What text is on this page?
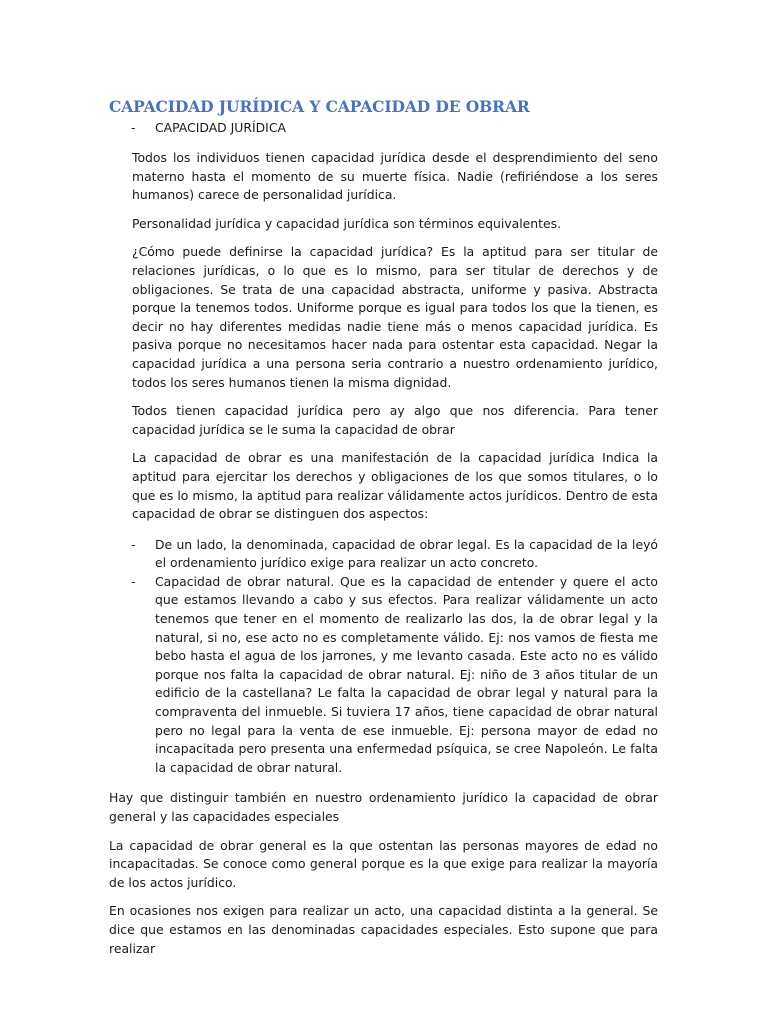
CAPACIDAD JURÍDICA Y CAPACIDAD DE OBRAR
- CAPACIDAD JURÍDICA

Todos los individuos tienen capacidad jurídica desde el desprendimiento del seno materno hasta el momento de su muerte física. Nadie (refiriéndose a los seres humanos) carece de personalidad jurídica.

Personalidad jurídica y capacidad jurídica son términos equivalentes.

¿Cómo puede definirse la capacidad jurídica? Es la aptitud para ser titular de relaciones jurídicas, o lo que es lo mismo, para ser titular de derechos y de obligaciones. Se trata de una capacidad abstracta, uniforme y pasiva. Abstracta porque la tenemos todos. Uniforme porque es igual para todos los que la tienen, es decir no hay diferentes medidas nadie tiene más o menos capacidad jurídica. Es pasiva porque no necesitamos hacer nada para ostentar esta capacidad. Negar la capacidad jurídica a una persona seria contrario a nuestro ordenamiento jurídico, todos los seres humanos tienen la misma dignidad.

Todos tienen capacidad jurídica pero ay algo que nos diferencia. Para tener capacidad jurídica se le suma la capacidad de obrar

La capacidad de obrar es una manifestación de la capacidad jurídica Indica la aptitud para ejercitar los derechos y obligaciones de los que somos titulares, o lo que es lo mismo, la aptitud para realizar válidamente actos jurídicos. Dentro de esta capacidad de obrar se distinguen dos aspectos:

- De un lado, la denominada, capacidad de obrar legal. Es la capacidad de la leyó el ordenamiento jurídico exige para realizar un acto concreto.
- Capacidad de obrar natural. Que es la capacidad de entender y quere el acto que estamos llevando a cabo y sus efectos. Para realizar válidamente un acto tenemos que tener en el momento de realizarlo las dos, la de obrar legal y la natural, si no, ese acto no es completamente válido. Ej: nos vamos de fiesta me bebo hasta el agua de los jarrones, y me levanto casada. Este acto no es válido porque nos falta la capacidad de obrar natural. Ej: niño de 3 años titular de un edificio de la castellana? Le falta la capacidad de obrar legal y natural para la compraventa del inmueble. Si tuviera 17 años, tiene capacidad de obrar natural pero no legal para la venta de ese inmueble. Ej: persona mayor de edad no incapacitada pero presenta una enfermedad psíquica, se cree Napoleón. Le falta la capacidad de obrar natural.

Hay que distinguir también en nuestro ordenamiento jurídico la capacidad de obrar general y las capacidades especiales

La capacidad de obrar general es la que ostentan las personas mayores de edad no incapacitadas. Se conoce como general porque es la que exige para realizar la mayoría de los actos jurídico.

En ocasiones nos exigen para realizar un acto, una capacidad distinta a la general. Se dice que estamos en las denominadas capacidades especiales. Esto supone que para realizar
